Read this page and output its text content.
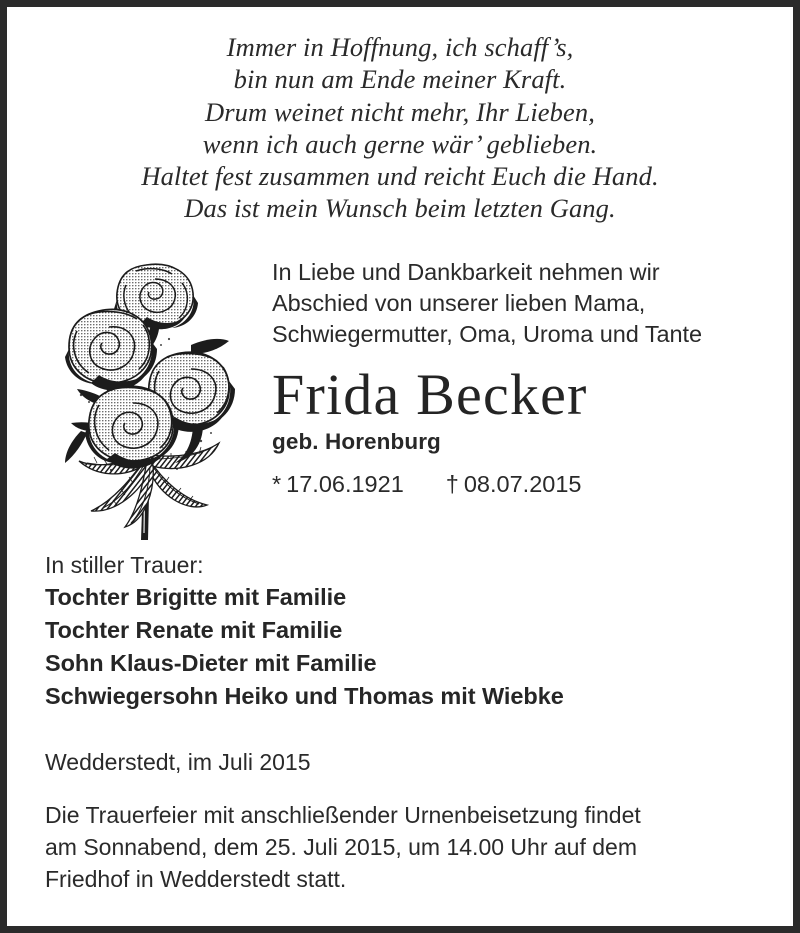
Immer in Hoffnung, ich schaff’s,
bin nun am Ende meiner Kraft.
Drum weinet nicht mehr, Ihr Lieben,
wenn ich auch gerne wär’ geblieben.
Haltet fest zusammen und reicht Euch die Hand.
Das ist mein Wunsch beim letzten Gang.
In Liebe und Dankbarkeit nehmen wir
Abschied von unserer lieben Mama,
Schwiegermutter, Oma, Uroma und Tante
Frida Becker
geb. Horenburg
* 17.06.1921 † 08.07.2015
In stiller Trauer:
Tochter Brigitte mit Familie
Tochter Renate mit Familie
Sohn Klaus-Dieter mit Familie
Schwiegersohn Heiko und Thomas mit Wiebke
Wedderstedt, im Juli 2015
Die Trauerfeier mit anschließender Urnenbeisetzung findet
am Sonnabend, dem 25. Juli 2015, um 14.00 Uhr auf dem
Friedhof in Wedderstedt statt.
